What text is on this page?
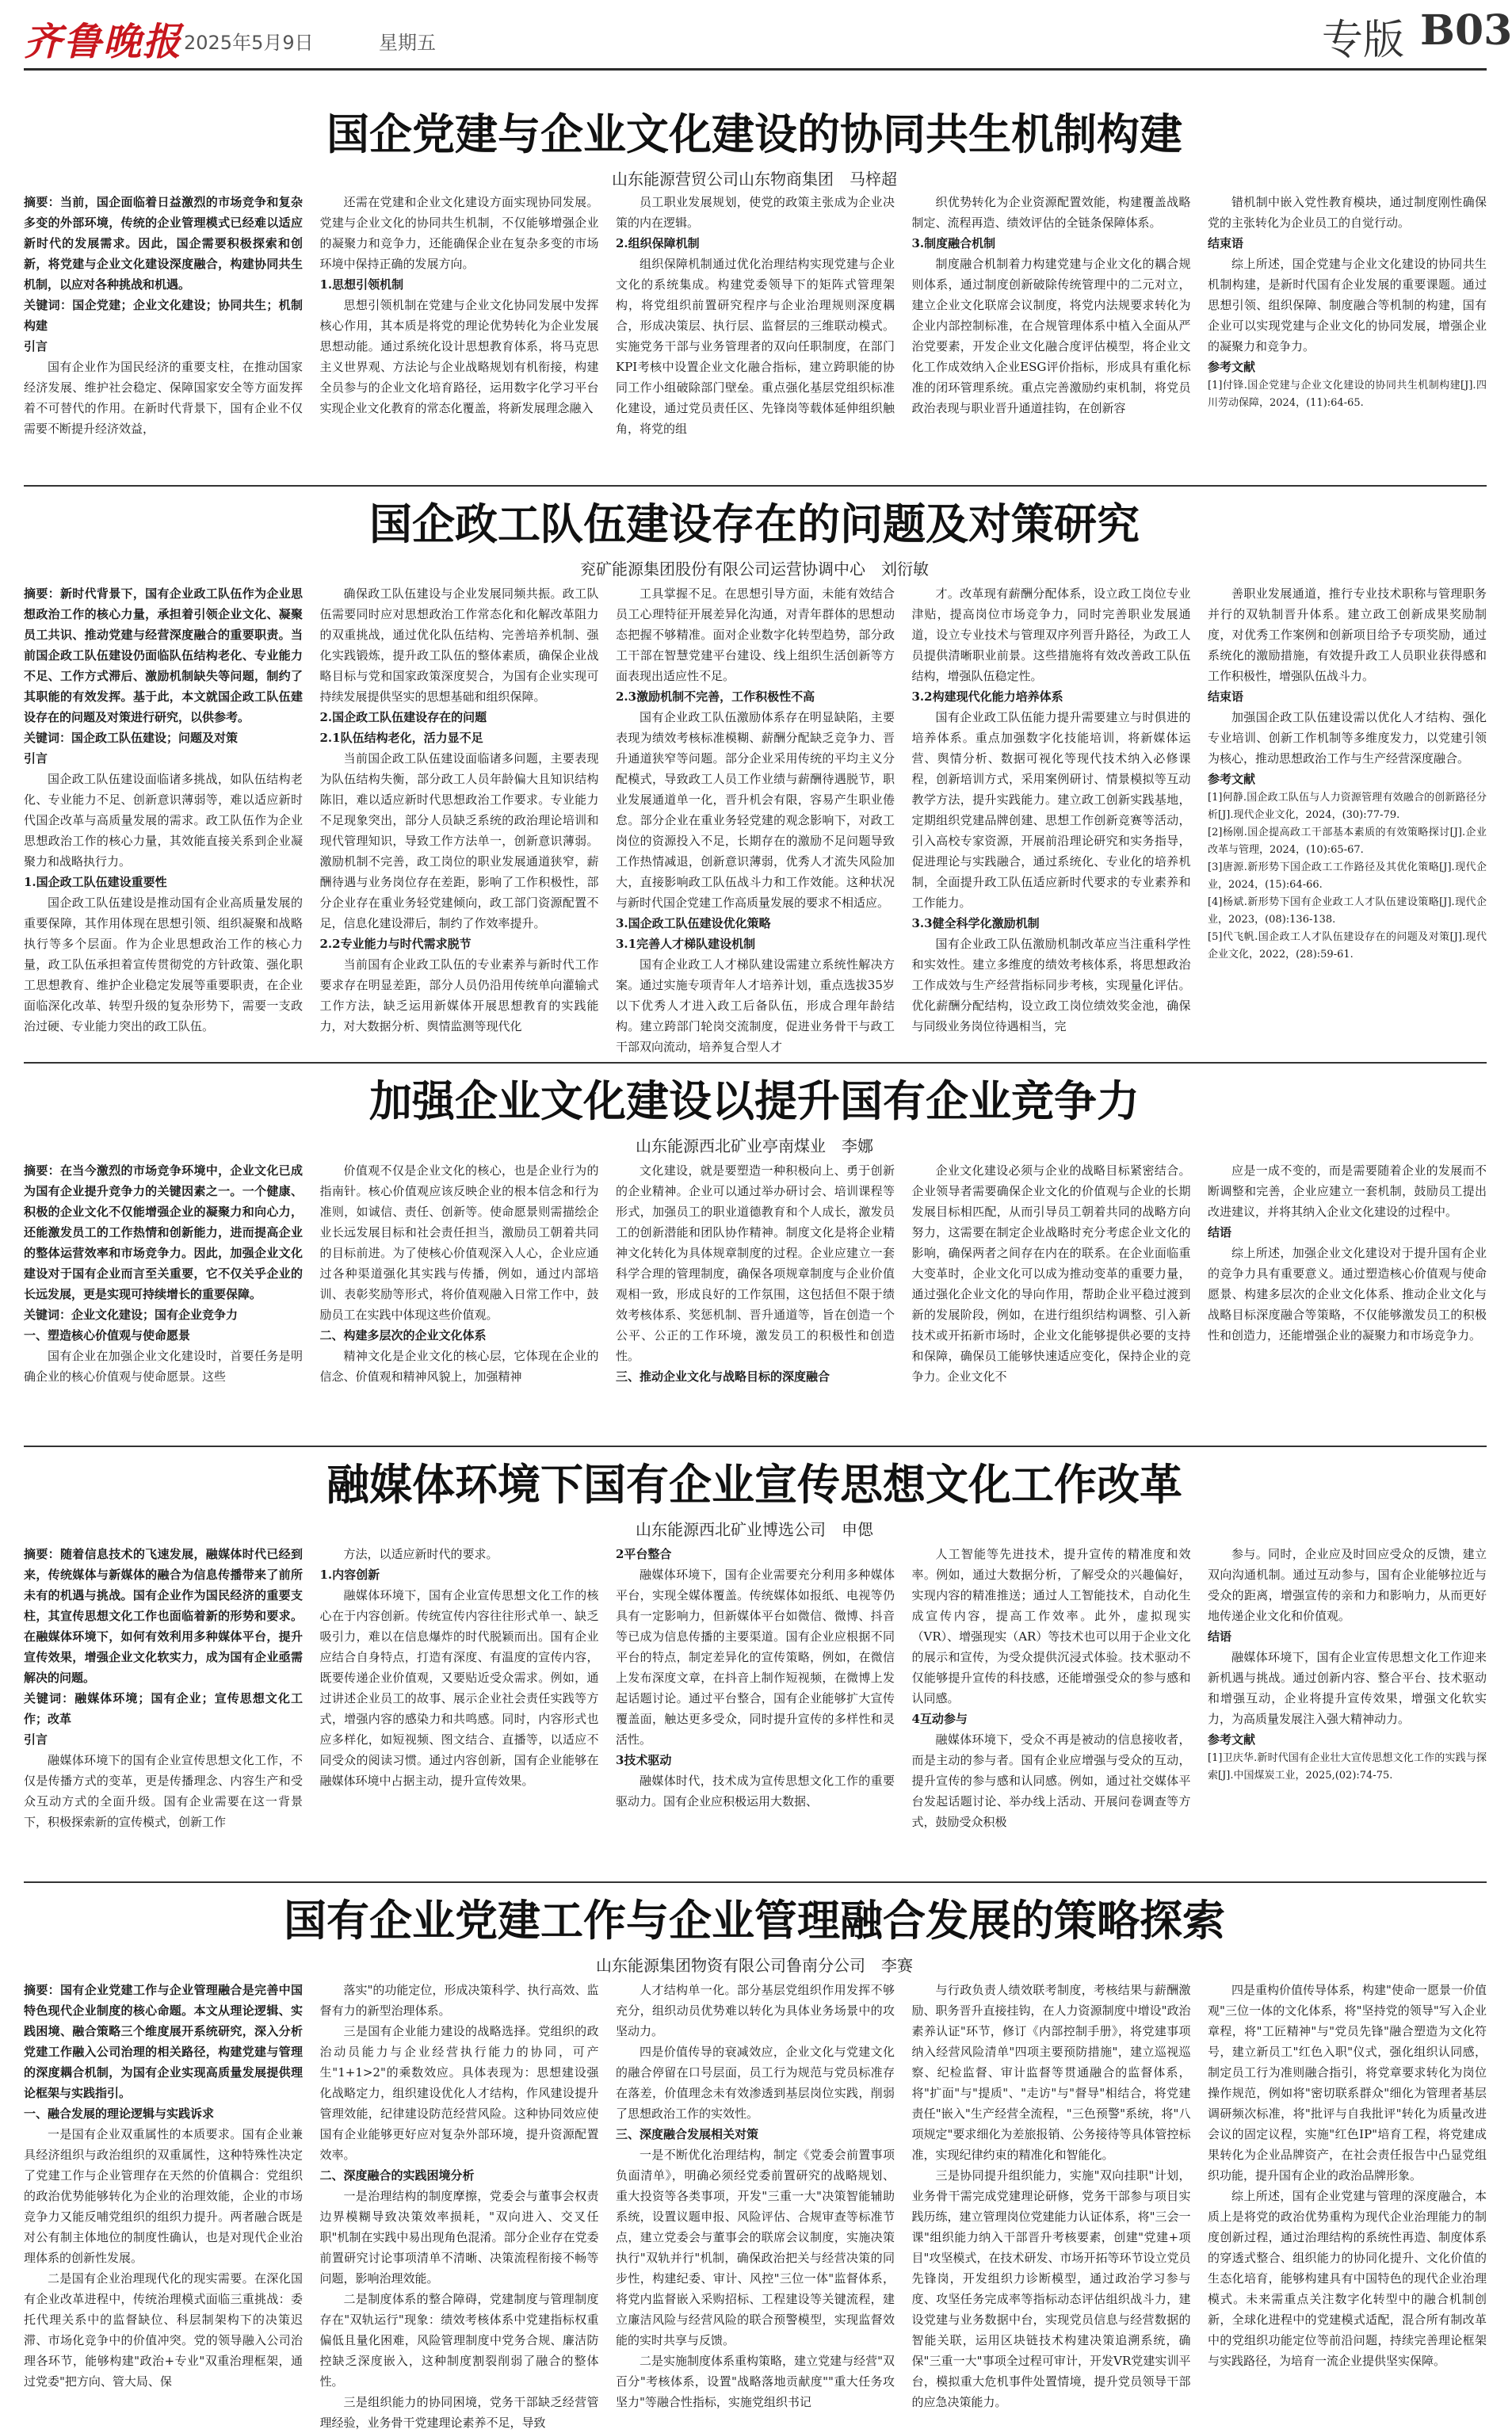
齐鲁晚报 2025年5月9日	星期五	专版 B03
国企党建与企业文化建设的协同共生机制构建
山东能源营贸公司山东物商集团　马梓超

摘要：当前，国企面临着日益激烈的市场竞争和复杂多变的外部环境，传统的企业管理模式已经难以适应新时代的发展需求。因此，国企需要积极探索和创新，将党建与企业文化建设深度融合，构建协同共生机制，以应对各种挑战和机遇。

关键词：国企党建；企业文化建设；协同共生；机制构建

引言

国有企业作为国民经济的重要支柱，在推动国家经济发展、维护社会稳定、保障国家安全等方面发挥着不可替代的作用。在新时代背景下，国有企业不仅需要不断提升经济效益，

还需在党建和企业文化建设方面实现协同发展。党建与企业文化的协同共生机制，不仅能够增强企业的凝聚力和竞争力，还能确保企业在复杂多变的市场环境中保持正确的发展方向。

1.思想引领机制

思想引领机制在党建与企业文化协同发展中发挥核心作用，其本质是将党的理论优势转化为企业发展思想动能。通过系统化设计思想教育体系，将马克思主义世界观、方法论与企业战略规划有机衔接，构建全员参与的企业文化培育路径，运用数字化学习平台实现企业文化教育的常态化覆盖，将新发展理念融入

员工职业发展规划，使党的政策主张成为企业决策的内在逻辑。

2.组织保障机制

组织保障机制通过优化治理结构实现党建与企业文化的系统集成。构建党委领导下的矩阵式管理架构，将党组织前置研究程序与企业治理规则深度耦合，形成决策层、执行层、监督层的三维联动模式。实施党务干部与业务管理者的双向任职制度，在部门KPI考核中设置企业文化融合指标，建立跨职能的协同工作小组破除部门壁垒。重点强化基层党组织标准化建设，通过党员责任区、先锋岗等载体延伸组织触角，将党的组

织优势转化为企业资源配置效能，构建覆盖战略制定、流程再造、绩效评估的全链条保障体系。

3.制度融合机制

制度融合机制着力构建党建与企业文化的耦合规则体系，通过制度创新破除传统管理中的二元对立，建立企业文化联席会议制度，将党内法规要求转化为企业内部控制标准，在合规管理体系中植入全面从严治党要素，开发企业文化融合度评估模型，将企业文化工作成效纳入企业ESG评价指标，形成具有重化标准的闭环管理系统。重点完善激励约束机制，将党员政治表现与职业晋升通道挂钩，在创新容

错机制中嵌入党性教育模块，通过制度刚性确保党的主张转化为企业员工的自觉行动。

结束语

综上所述，国企党建与企业文化建设的协同共生机制构建，是新时代国有企业发展的重要课题。通过思想引领、组织保障、制度融合等机制的构建，国有企业可以实现党建与企业文化的协同发展，增强企业的凝聚力和竞争力。

参考文献

[1]付锋.国企党建与企业文化建设的协同共生机制构建[J].四川劳动保障，2024，(11):64-65.

国企政工队伍建设存在的问题及对策研究
兖矿能源集团股份有限公司运营协调中心　刘衍敏

摘要：新时代背景下，国有企业政工队伍作为企业思想政治工作的核心力量，承担着引领企业文化、凝聚员工共识、推动党建与经营深度融合的重要职责。当前国企政工队伍建设仍面临队伍结构老化、专业能力不足、工作方式滞后、激励机制缺失等问题，制约了其职能的有效发挥。基于此，本文就国企政工队伍建设存在的问题及对策进行研究，以供参考。

关键词：国企政工队伍建设；问题及对策

引言

国企政工队伍建设面临诸多挑战，如队伍结构老化、专业能力不足、创新意识薄弱等，难以适应新时代国企改革与高质量发展的需求。政工队伍作为企业思想政治工作的核心力量，其效能直接关系到企业凝聚力和战略执行力。

1.国企政工队伍建设重要性

国企政工队伍建设是推动国有企业高质量发展的重要保障，其作用体现在思想引领、组织凝聚和战略执行等多个层面。作为企业思想政治工作的核心力量，政工队伍承担着宣传贯彻党的方针政策、强化职工思想教育、维护企业稳定发展等重要职责，在企业面临深化改革、转型升级的复杂形势下，需要一支政治过硬、专业能力突出的政工队伍。

确保政工队伍建设与企业发展同频共振。政工队伍需要同时应对思想政治工作常态化和化解改革阻力的双重挑战，通过优化队伍结构、完善培养机制、强化实践锻炼，提升政工队伍的整体素质，确保企业战略目标与党和国家政策深度契合，为国有企业实现可持续发展提供坚实的思想基础和组织保障。

2.国企政工队伍建设存在的问题

2.1队伍结构老化，活力显不足

当前国企政工队伍建设面临诸多问题，主要表现为队伍结构失衡，部分政工人员年龄偏大且知识结构陈旧，难以适应新时代思想政治工作要求。专业能力不足现象突出，部分人员缺乏系统的政治理论培训和现代管理知识，导致工作方法单一，创新意识薄弱。激励机制不完善，政工岗位的职业发展通道狭窄，薪酬待遇与业务岗位存在差距，影响了工作积极性，部分企业存在重业务轻党建倾向，政工部门资源配置不足，信息化建设滞后，制约了作效率提升。

2.2专业能力与时代需求脱节

当前国有企业政工队伍的专业素养与新时代工作要求存在明显差距，部分人员仍沿用传统单向灌输式工作方法，缺乏运用新媒体开展思想教育的实践能力，对大数据分析、舆情监测等现代化

工具掌握不足。在思想引导方面，未能有效结合员工心理特征开展差异化沟通，对青年群体的思想动态把握不够精准。面对企业数字化转型趋势，部分政工干部在智慧党建平台建设、线上组织生活创新等方面表现出适应性不足。

2.3激励机制不完善，工作积极性不高

国有企业政工队伍激励体系存在明显缺陷，主要表现为绩效考核标准模糊、薪酬分配缺乏竞争力、晋升通道狭窄等问题。部分企业采用传统的平均主义分配模式，导致政工人员工作业绩与薪酬待遇脱节，职业发展通道单一化，晋升机会有限，容易产生职业倦怠。部分企业在重业务轻党建的观念影响下，对政工岗位的资源投入不足，长期存在的激励不足问题导致工作热情减退，创新意识薄弱，优秀人才流失风险加大，直接影响政工队伍战斗力和工作效能。这种状况与新时代国企党建工作高质量发展的要求不相适应。

3.国企政工队伍建设优化策略

3.1完善人才梯队建设机制

国有企业政工人才梯队建设需建立系统性解决方案。通过实施专项青年人才培养计划，重点选拔35岁以下优秀人才进入政工后备队伍，形成合理年龄结构。建立跨部门轮岗交流制度，促进业务骨干与政工干部双向流动，培养复合型人才

才。改革现有薪酬分配体系，设立政工岗位专业津贴，提高岗位市场竞争力，同时完善职业发展通道，设立专业技术与管理双序列晋升路径，为政工人员提供清晰职业前景。这些措施将有效改善政工队伍结构，增强队伍稳定性。

3.2构建现代化能力培养体系

国有企业政工队伍能力提升需要建立与时俱进的培养体系。重点加强数字化技能培训，将新媒体运营、舆情分析、数据可视化等现代技术纳入必修课程，创新培训方式，采用案例研讨、情景模拟等互动教学方法，提升实践能力。建立政工创新实践基地，定期组织党建品牌创建、思想工作创新竞赛等活动，引入高校专家资源，开展前沿理论研究和实务指导，促进理论与实践融合，通过系统化、专业化的培养机制，全面提升政工队伍适应新时代要求的专业素养和工作能力。

3.3健全科学化激励机制

国有企业政工队伍激励机制改革应当注重科学性和实效性。建立多维度的绩效考核体系，将思想政治工作成效与生产经营指标同步考核，实现量化评估。优化薪酬分配结构，设立政工岗位绩效奖金池，确保与同级业务岗位待遇相当，完

善职业发展通道，推行专业技术职称与管理职务并行的双轨制晋升体系。建立政工创新成果奖励制度，对优秀工作案例和创新项目给予专项奖励，通过系统化的激励措施，有效提升政工人员职业获得感和工作积极性，增强队伍战斗力。

结束语

加强国企政工队伍建设需以优化人才结构、强化专业培训、创新工作机制等多维度发力，以党建引领为核心，推动思想政治工作与生产经营深度融合。

参考文献

[1]何静.国企政工队伍与人力资源管理有效融合的创新路径分析[J].现代企业文化，2024，(30):77-79.

[2]杨刚.国企提高政工干部基本素质的有效策略探讨[J].企业改革与管理，2024，(10):65-67.

[3]唐源.新形势下国企政工工作路径及其优化策略[J].现代企业，2024，(15):64-66.

[4]杨斌.新形势下国有企业政工人才队伍建设策略[J].现代企业，2023，(08):136-138.

[5]代飞帆.国企政工人才队伍建设存在的问题及对策[J].现代企业文化，2022，(28):59-61.

加强企业文化建设以提升国有企业竞争力
山东能源西北矿业亭南煤业　李娜

摘要：在当今激烈的市场竞争环境中，企业文化已成为国有企业提升竞争力的关键因素之一。一个健康、积极的企业文化不仅能增强企业的凝聚力和向心力，还能激发员工的工作热情和创新能力，进而提高企业的整体运营效率和市场竞争力。因此，加强企业文化建设对于国有企业而言至关重要，它不仅关乎企业的长远发展，更是实现可持续增长的重要保障。

关键词：企业文化建设；国有企业竞争力

一、塑造核心价值观与使命愿景

国有企业在加强企业文化建设时，首要任务是明确企业的核心价值观与使命愿景。这些

价值观不仅是企业文化的核心，也是企业行为的指南针。核心价值观应该反映企业的根本信念和行为准则，如诚信、责任、创新等。使命愿景则需描绘企业长远发展目标和社会责任担当，激励员工朝着共同的目标前进。为了使核心价值观深入人心，企业应通过各种渠道强化其实践与传播，例如，通过内部培训、表彰奖励等形式，将价值观融入日常工作中，鼓励员工在实践中体现这些价值观。

二、构建多层次的企业文化体系

精神文化是企业文化的核心层，它体现在企业的信念、价值观和精神风貌上，加强精神

文化建设，就是要塑造一种积极向上、勇于创新的企业精神。企业可以通过举办研讨会、培训课程等形式，加强员工的职业道德教育和个人成长，激发员工的创新潜能和团队协作精神。制度文化是将企业精神文化转化为具体规章制度的过程。企业应建立一套科学合理的管理制度，确保各项规章制度与企业价值观相一致，形成良好的工作氛围，这包括但不限于绩效考核体系、奖惩机制、晋升通道等，旨在创造一个公平、公正的工作环境，激发员工的积极性和创造性。

三、推动企业文化与战略目标的深度融合

企业文化建设必须与企业的战略目标紧密结合。企业领导者需要确保企业文化的价值观与企业的长期发展目标相匹配，从而引导员工朝着共同的战略方向努力，这需要在制定企业战略时充分考虑企业文化的影响，确保两者之间存在内在的联系。在企业面临重大变革时，企业文化可以成为推动变革的重要力量，通过强化企业文化的导向作用，帮助企业平稳过渡到新的发展阶段，例如，在进行组织结构调整、引入新技术或开拓新市场时，企业文化能够提供必要的支持和保障，确保员工能够快速适应变化，保持企业的竞争力。企业文化不

应是一成不变的，而是需要随着企业的发展而不断调整和完善，企业应建立一套机制，鼓励员工提出改进建议，并将其纳入企业文化建设的过程中。

结语

综上所述，加强企业文化建设对于提升国有企业的竞争力具有重要意义。通过塑造核心价值观与使命愿景、构建多层次的企业文化体系、推动企业文化与战略目标深度融合等策略，不仅能够激发员工的积极性和创造力，还能增强企业的凝聚力和市场竞争力。

融媒体环境下国有企业宣传思想文化工作改革
山东能源西北矿业博选公司　申偲

摘要：随着信息技术的飞速发展，融媒体时代已经到来，传统媒体与新媒体的融合为信息传播带来了前所未有的机遇与挑战。国有企业作为国民经济的重要支柱，其宣传思想文化工作也面临着新的形势和要求。在融媒体环境下，如何有效利用多种媒体平台，提升宣传效果，增强企业文化软实力，成为国有企业亟需解决的问题。

关键词：融媒体环境；国有企业；宣传思想文化工作；改革

引言

融媒体环境下的国有企业宣传思想文化工作，不仅是传播方式的变革，更是传播理念、内容生产和受众互动方式的全面升级。国有企业需要在这一背景下，积极探索新的宣传模式，创新工作

方法，以适应新时代的要求。

1.内容创新

融媒体环境下，国有企业宣传思想文化工作的核心在于内容创新。传统宣传内容往往形式单一、缺乏吸引力，难以在信息爆炸的时代脱颖而出。国有企业应结合自身特点，打造有深度、有温度的宣传内容，既要传递企业价值观，又要贴近受众需求。例如，通过讲述企业员工的故事、展示企业社会责任实践等方式，增强内容的感染力和共鸣感。同时，内容形式也应多样化，如短视频、图文结合、直播等，以适应不同受众的阅读习惯。通过内容创新，国有企业能够在融媒体环境中占据主动，提升宣传效果。

2平台整合

融媒体环境下，国有企业需要充分利用多种媒体平台，实现全媒体覆盖。传统媒体如报纸、电视等仍具有一定影响力，但新媒体平台如微信、微博、抖音等已成为信息传播的主要渠道。国有企业应根据不同平台的特点，制定差异化的宣传策略，例如，在微信上发布深度文章，在抖音上制作短视频，在微博上发起话题讨论。通过平台整合，国有企业能够扩大宣传覆盖面，触达更多受众，同时提升宣传的多样性和灵活性。

3技术驱动

融媒体时代，技术成为宣传思想文化工作的重要驱动力。国有企业应积极运用大数据、

人工智能等先进技术，提升宣传的精准度和效率。例如，通过大数据分析，了解受众的兴趣偏好，实现内容的精准推送；通过人工智能技术，自动化生成宣传内容，提高工作效率。此外，虚拟现实（VR）、增强现实（AR）等技术也可以用于企业文化的展示和宣传，为受众提供沉浸式体验。技术驱动不仅能够提升宣传的科技感，还能增强受众的参与感和认同感。

4互动参与

融媒体环境下，受众不再是被动的信息接收者，而是主动的参与者。国有企业应增强与受众的互动，提升宣传的参与感和认同感。例如，通过社交媒体平台发起话题讨论、举办线上活动、开展问卷调查等方式，鼓励受众积极

参与。同时，企业应及时回应受众的反馈，建立双向沟通机制。通过互动参与，国有企业能够拉近与受众的距离，增强宣传的亲和力和影响力，从而更好地传递企业文化和价值观。

结语

融媒体环境下，国有企业宣传思想文化工作迎来新机遇与挑战。通过创新内容、整合平台、技术驱动和增强互动，企业将提升宣传效果，增强文化软实力，为高质量发展注入强大精神动力。

参考文献

[1]卫庆华.新时代国有企业壮大宣传思想文化工作的实践与探索[J].中国煤炭工业，2025,(02):74-75.

国有企业党建工作与企业管理融合发展的策略探索
山东能源集团物资有限公司鲁南分公司　李赛

摘要：国有企业党建工作与企业管理融合是完善中国特色现代企业制度的核心命题。本文从理论逻辑、实践困境、融合策略三个维度展开系统研究，深入分析党建工作融入公司治理的相关路径，构建党建与管理的深度耦合机制，为国有企业实现高质量发展提供理论框架与实践指引。

一、融合发展的理论逻辑与实践诉求

一是国有企业双重属性的本质要求。国有企业兼具经济组织与政治组织的双重属性，这种特殊性决定了党建工作与企业管理存在天然的价值耦合：党组织的政治优势能够转化为企业的治理效能，企业的市场竞争力又能反哺党组织的组织力提升。两者融合既是对公有制主体地位的制度性确认，也是对现代企业治理体系的创新性发展。

二是国有企业治理现代化的现实需要。在深化国有企业改革进程中，传统治理模式面临三重挑战：委托代理关系中的监督缺位、科层制架构下的决策迟滞、市场化竞争中的价值冲突。党的领导融入公司治理各环节，能够构建"政治+专业"双重治理框架，通过党委"把方向、管大局、保

落实"的功能定位，形成决策科学、执行高效、监督有力的新型治理体系。

三是国有企业能力建设的战略选择。党组织的政治动员能力与企业经营执行能力的协同，可产生"1+1>2"的乘数效应。具体表现为：思想建设强化战略定力，组织建设优化人才结构，作风建设提升管理效能，纪律建设防范经营风险。这种协同效应使国有企业能够更好应对复杂外部环境，提升资源配置效率。

二、深度融合的实践困境分析

一是治理结构的制度摩擦，党委会与董事会权责边界模糊导致决策效率损耗，"双向进入、交叉任职"机制在实践中易出现角色混淆。部分企业存在党委前置研究讨论事项清单不清晰、决策流程衔接不畅等问题，影响治理效能。

二是制度体系的整合障碍，党建制度与管理制度存在"双轨运行"现象：绩效考核体系中党建指标权重偏低且量化困难，风险管理制度中党务合规、廉洁防控缺乏深度嵌入，这种制度割裂削弱了融合的整体性。

三是组织能力的协同困境，党务干部缺乏经营管理经验，业务骨干党建理论素养不足，导致

人才结构单一化。部分基层党组织作用发挥不够充分，组织动员优势难以转化为具体业务场景中的攻坚动力。

四是价值传导的衰减效应，企业文化与党建文化的融合停留在口号层面，员工行为规范与党员标准存在落差，价值理念未有效渗透到基层岗位实践，削弱了思想政治工作的实效性。

三、深度融合发展相关对策

一是不断优化治理结构，制定《党委会前置事项负面清单》，明确必须经党委前置研究的战略规划、重大投资等各类事项，开发"三重一大"决策智能辅助系统，设置议题申报、风险评估、合规审查等标准节点，建立党委会与董事会的联席会议制度，实施决策执行"双轨并行"机制，确保政治把关与经营决策的同步性，构建纪委、审计、风控"三位一体"监督体系，将党内监督嵌入采购招标、工程建设等关键流程，建立廉洁风险与经营风险的联合预警模型，实现监督效能的实时共享与反馈。

二是实施制度体系重构策略，建立党建与经营"双百分"考核体系，设置"战略落地贡献度""重大任务攻坚力"等融合性指标，实施党组织书记

与行政负责人绩效联考制度，考核结果与薪酬激励、职务晋升直接挂钩，在人力资源制度中增设"政治素养认证"环节，修订《内部控制手册》，将党建事项纳入经营风险清单"四项主要预防措施"，建立巡视巡察、纪检监督、审计监督等贯通融合的监督体系，将"扩面"与"提质"、"走访"与"督导"相结合，将党建责任"嵌入"生产经营全流程，"三色预警"系统，将"八项规定"要求细化为差旅报销、公务接待等具体管控标准，实现纪律约束的精准化和智能化。

三是协同提升组织能力，实施"双向挂职"计划，业务骨干需完成党建理论研修，党务干部参与项目实践历练，建立管理岗位党建能力认证体系，将"三会一课"组织能力纳入干部晋升考核要素，创建"党建+项目"攻坚模式，在技术研发、市场开拓等环节设立党员先锋岗，开发组织力诊断模型，通过政治学习参与度、攻坚任务完成率等指标动态评估组织战斗力，建设党建与业务数据中台，实现党员信息与经营数据的智能关联，运用区块链技术构建决策追溯系统，确保"三重一大"事项全过程可审计，开发VR党建实训平台，模拟重大危机事件处置情境，提升党员领导干部的应急决策能力。

四是重构价值传导体系，构建"使命一愿景一价值观"三位一体的文化体系，将"坚持党的领导"写入企业章程，将"工匠精神"与"党员先锋"融合塑造为文化符号，建立新员工"红色入职"仪式，强化组织认同感，制定员工行为准则融合指引，将党章要求转化为岗位操作规范，例如将"密切联系群众"细化为管理者基层调研频次标准，将"批评与自我批评"转化为质量改进会议的固定议程，实施"红色IP"培育工程，将党建成果转化为企业品牌资产，在社会责任报告中凸显党组织功能，提升国有企业的政治品牌形象。

综上所述，国有企业党建与管理的深度融合，本质上是将党的政治优势重构为现代企业治理能力的制度创新过程，通过治理结构的系统性再造、制度体系的穿透式整合、组织能力的协同化提升、文化价值的生态化培育，能够构建具有中国特色的现代企业治理模式。未来需重点关注数字化转型中的融合机制创新，全球化进程中的党建模式适配，混合所有制改革中的党组织功能定位等前沿问题，持续完善理论框架与实践路径，为培育一流企业提供坚实保障。
